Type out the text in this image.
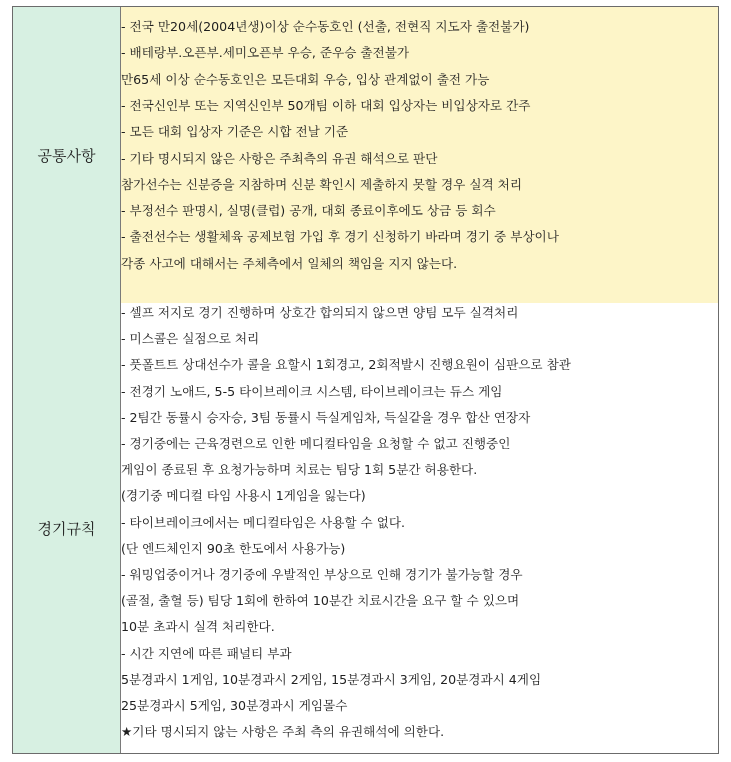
공통사항
- 전국 만20세(2004년생)이상 순수동호인 (선출, 전현직 지도자 출전불가)
- 배테랑부.오픈부.세미오픈부 우승, 준우승 출전불가
만65세 이상 순수동호인은 모든대회 우승, 입상 관계없이 출전 가능
- 전국신인부 또는 지역신인부 50개팀 이하 대회 입상자는 비입상자로 간주
- 모든 대회 입상자 기준은 시합 전날 기준
- 기타 명시되지 않은 사항은 주최측의 유권 해석으로 판단
참가선수는 신분증을 지참하며 신분 확인시 제출하지 못할 경우 실격 처리
- 부정선수 판명시, 실명(클럽) 공개, 대회 종료이후에도 상금 등 회수
- 출전선수는 생활체육 공제보험 가입 후 경기 신청하기 바라며 경기 중 부상이나
각종 사고에 대해서는 주체측에서 일체의 책임을 지지 않는다.
경기규칙
- 셀프 저지로 경기 진행하며 상호간 합의되지 않으면 양팀 모두 실격처리
- 미스콜은 실점으로 처리
- 풋폴트트 상대선수가 콜을 요할시 1회경고, 2회적발시 진행요원이 심판으로 참관
- 전경기 노애드, 5-5 타이브레이크 시스템, 타이브레이크는 듀스 게임
- 2팀간 동률시 승자승, 3팀 동률시 득실게임차, 득실같을 경우 합산 연장자
- 경기중에는 근육경련으로 인한 메디컬타임을 요청할 수 없고 진행중인
게임이 종료된 후 요청가능하며 치료는 팀당 1회 5분간 허용한다.
(경기중 메디컬 타임 사용시 1게임을 잃는다)
- 타이브레이크에서는 메디컬타임은 사용할 수 없다.
(단 엔드체인지 90초 한도에서 사용가능)
- 워밍업중이거나 경기중에 우발적인 부상으로 인해 경기가 불가능할 경우
(골절, 출혈 등) 팀당 1회에 한하여 10분간 치료시간을 요구 할 수 있으며
10분 초과시 실격 처리한다.
- 시간 지연에 따른 패널티 부과
5분경과시 1게임, 10분경과시 2게임, 15분경과시 3게임, 20분경과시 4게임
25분경과시 5게임, 30분경과시 게임몰수
★기타 명시되지 않는 사항은 주최 측의 유권해석에 의한다.
